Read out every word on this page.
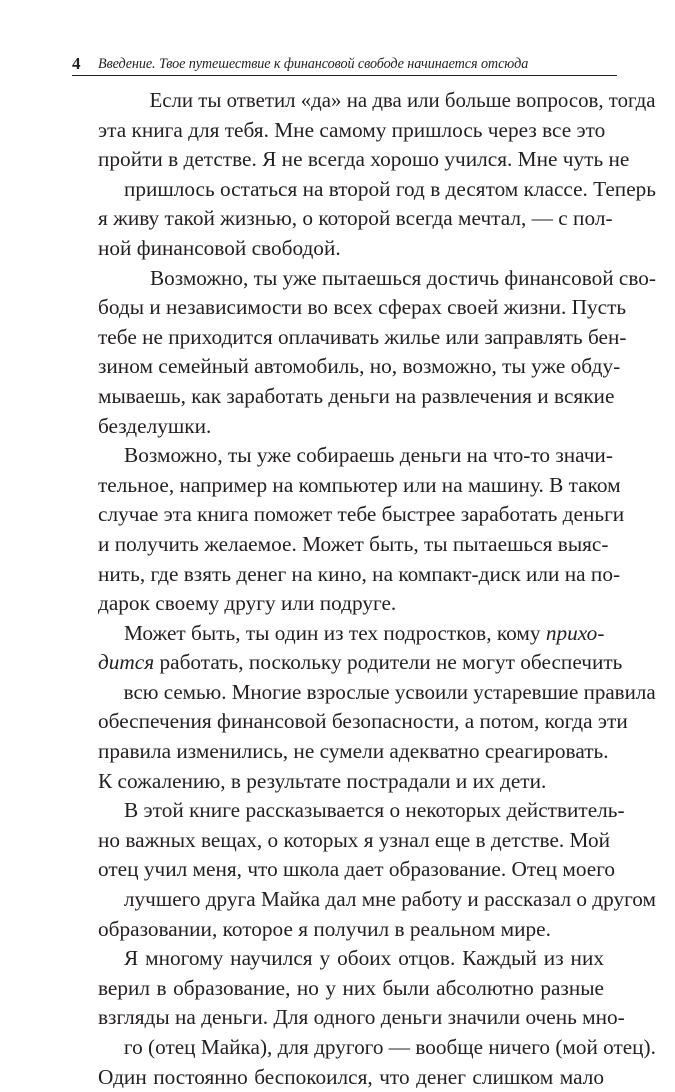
4	Введение. Твое путешествие к финансовой свободе начинается отсюда

Если ты ответил «да» на два или больше вопросов, тогда
эта книга для тебя. Мне самому пришлось через все это
пройти в детстве. Я не всегда хорошо учился. Мне чуть не
пришлось остаться на второй год в десятом классе. Теперь
я живу такой жизнью, о которой всегда мечтал, — с пол-
ной финансовой свободой.

Возможно, ты уже пытаешься достичь финансовой сво-
боды и независимости во всех сферах своей жизни. Пусть
тебе не приходится оплачивать жилье или заправлять бен-
зином семейный автомобиль, но, возможно, ты уже обду-
мываешь, как заработать деньги на развлечения и всякие
безделушки.

Возможно, ты уже собираешь деньги на что-то значи-
тельное, например на компьютер или на машину. В таком
случае эта книга поможет тебе быстрее заработать деньги
и получить желаемое. Может быть, ты пытаешься выяс-
нить, где взять денег на кино, на компакт-диск или на по-
дарок своему другу или подруге.

Может быть, ты один из тех подростков, кому прихо-
дится работать, поскольку родители не могут обеспечить
всю семью. Многие взрослые усвоили устаревшие правила
обеспечения финансовой безопасности, а потом, когда эти
правила изменились, не сумели адекватно среагировать.
К сожалению, в результате пострадали и их дети.

В этой книге рассказывается о некоторых действитель-
но важных вещах, о которых я узнал еще в детстве. Мой
отец учил меня, что школа дает образование. Отец моего
лучшего друга Майка дал мне работу и рассказал о другом
образовании, которое я получил в реальном мире.

Я многому научился у обоих отцов. Каждый из них
верил в образование, но у них были абсолютно разные
взгляды на деньги. Для одного деньги значили очень мно-
го (отец Майка), для другого — вообще ничего (мой отец).
Один постоянно беспокоился, что денег слишком мало
